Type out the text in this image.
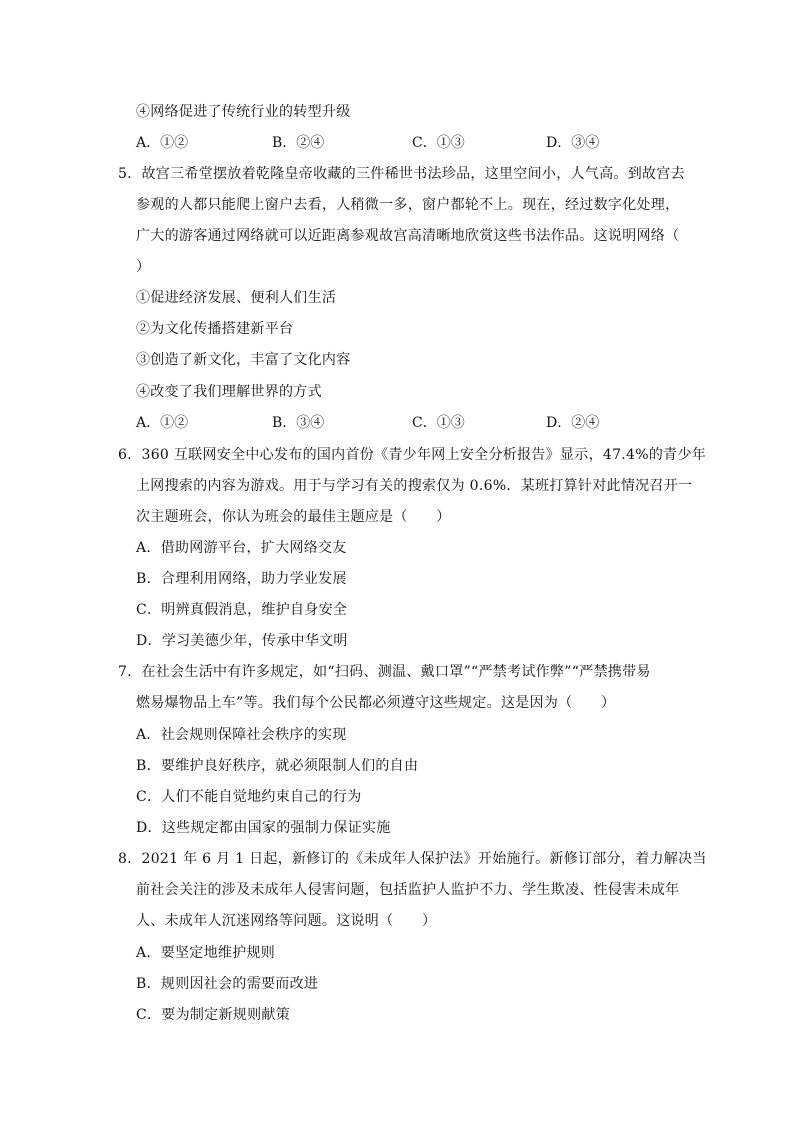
④网络促进了传统行业的转型升级
A．①②	B．②④	C．①③	D．③④
5．故宫三希堂摆放着乾隆皇帝收藏的三件稀世书法珍品，这里空间小，人气高。到故宫去
参观的人都只能爬上窗户去看，人稍微一多，窗户都轮不上。现在，经过数字化处理，
广大的游客通过网络就可以近距离参观故宫高清晰地欣赏这些书法作品。这说明网络（
）
①促进经济发展、便利人们生活
②为文化传播搭建新平台
③创造了新文化，丰富了文化内容
④改变了我们理解世界的方式
A．①②	B．③④	C．①③	D．②④
6．360 互联网安全中心发布的国内首份《青少年网上安全分析报告》显示，47.4%的青少年
上网搜索的内容为游戏。用于与学习有关的搜索仅为 0.6%．某班打算针对此情况召开一
次主题班会，你认为班会的最佳主题应是（　　）
A．借助网游平台，扩大网络交友
B．合理利用网络，助力学业发展
C．明辨真假消息，维护自身安全
D．学习美德少年，传承中华文明
7．在社会生活中有许多规定，如“扫码、测温、戴口罩”“严禁考试作弊”“严禁携带易
燃易爆物品上车”等。我们每个公民都必须遵守这些规定。这是因为（　　）
A．社会规则保障社会秩序的实现
B．要维护良好秩序，就必须限制人们的自由
C．人们不能自觉地约束自己的行为
D．这些规定都由国家的强制力保证实施
8．2021 年 6 月 1 日起，新修订的《未成年人保护法》开始施行。新修订部分，着力解决当
前社会关注的涉及未成年人侵害问题，包括监护人监护不力、学生欺凌、性侵害未成年
人、未成年人沉迷网络等问题。这说明（　　）
A．要坚定地维护规则
B．规则因社会的需要而改进
C．要为制定新规则献策
